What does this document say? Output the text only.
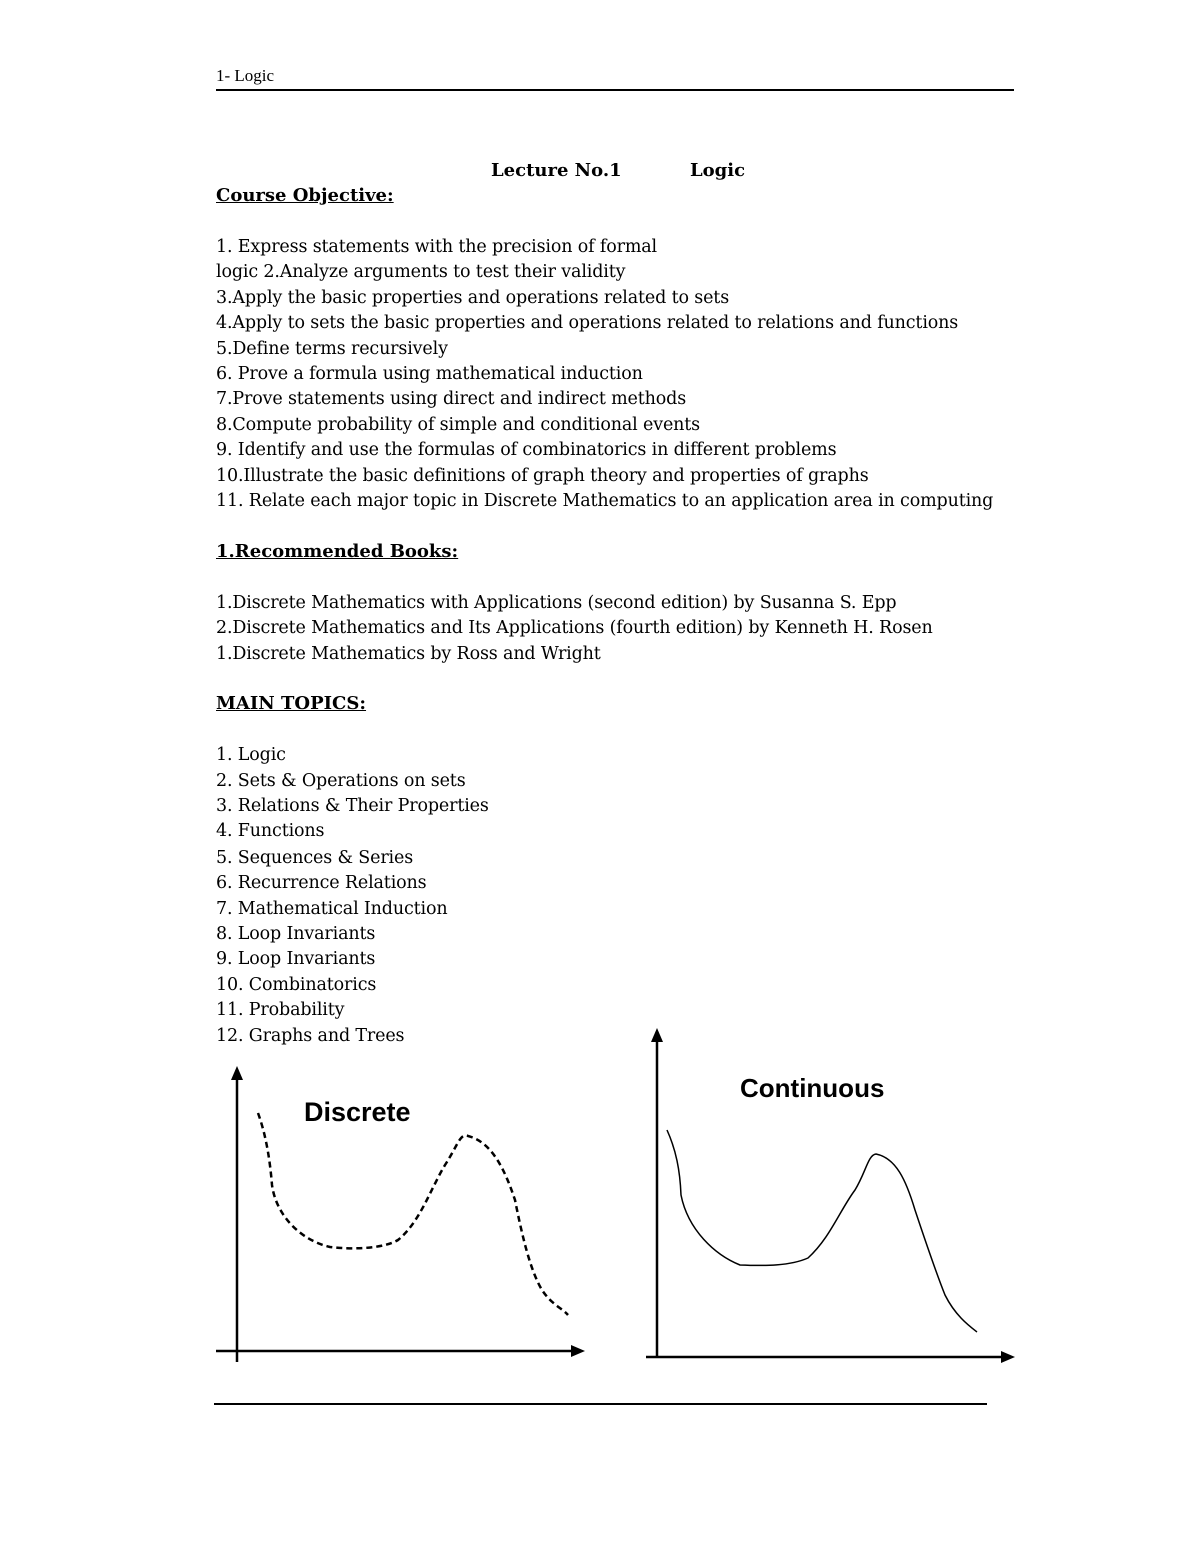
1- Logic
Lecture No.1	Logic
Course Objective:
1. Express statements with the precision of formal
logic 2.Analyze arguments to test their validity
3.Apply the basic properties and operations related to sets
4.Apply to sets the basic properties and operations related to relations and functions
5.Define terms recursively
6. Prove a formula using mathematical induction
7.Prove statements using direct and indirect methods
8.Compute probability of simple and conditional events
9. Identify and use the formulas of combinatorics in different problems
10.Illustrate the basic definitions of graph theory and properties of graphs
11. Relate each major topic in Discrete Mathematics to an application area in computing
1.Recommended Books:
1.Discrete Mathematics with Applications (second edition) by Susanna S. Epp
2.Discrete Mathematics and Its Applications (fourth edition) by Kenneth H. Rosen
1.Discrete Mathematics by Ross and Wright
MAIN TOPICS:
1. Logic
2. Sets & Operations on sets
3. Relations & Their Properties
4. Functions
5. Sequences & Series
6. Recurrence Relations
7. Mathematical Induction
8. Loop Invariants
9. Loop Invariants
10. Combinatorics
11. Probability
12. Graphs and Trees
Discrete
Continuous
